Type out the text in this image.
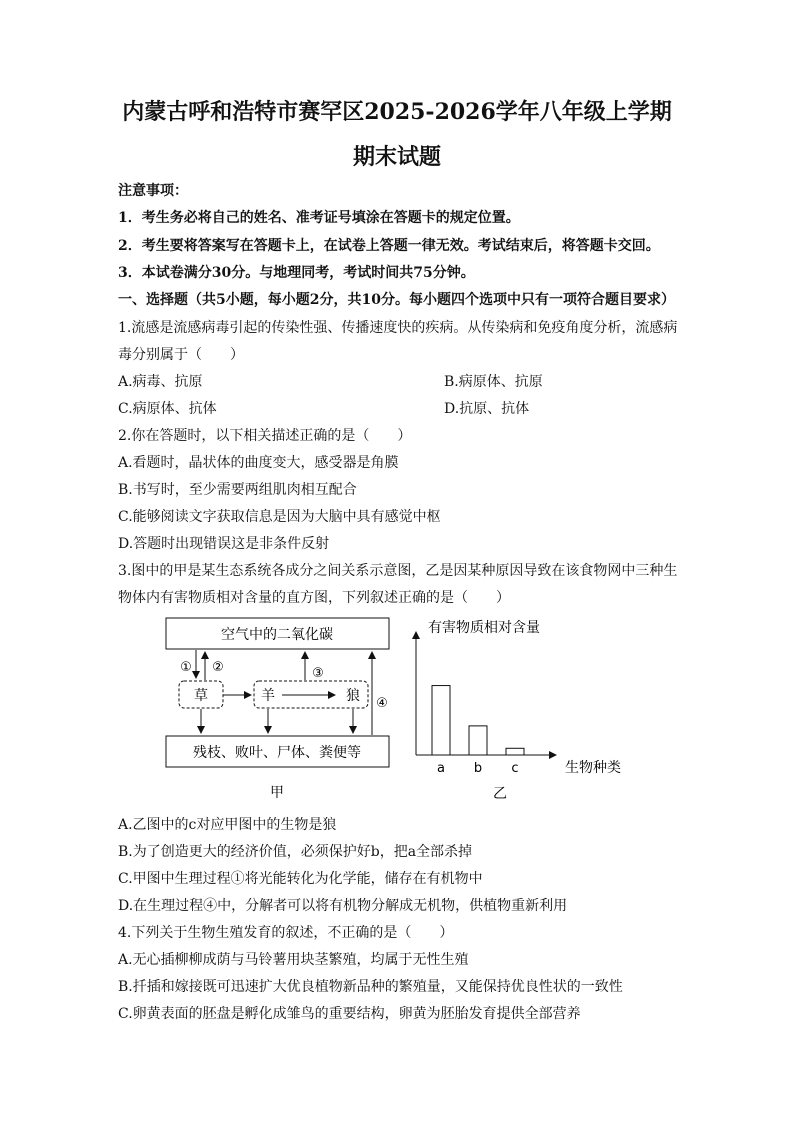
内蒙古呼和浩特市赛罕区2025-2026学年八年级上学期
期末试题
注意事项：
1．考生务必将自己的姓名、准考证号填涂在答题卡的规定位置。
2．考生要将答案写在答题卡上，在试卷上答题一律无效。考试结束后，将答题卡交回。
3．本试卷满分30分。与地理同考，考试时间共75分钟。
一、选择题（共5小题，每小题2分，共10分。每小题四个选项中只有一项符合题目要求）
1.流感是流感病毒引起的传染性强、传播速度快的疾病。从传染病和免疫角度分析，流感病
毒分别属于（　　）
A.病毒、抗原	B.病原体、抗原
C.病原体、抗体	D.抗原、抗体
2.你在答题时，以下相关描述正确的是（　　）
A.看题时，晶状体的曲度变大，感受器是角膜
B.书写时，至少需要两组肌肉相互配合
C.能够阅读文字获取信息是因为大脑中具有感觉中枢
D.答题时出现错误这是非条件反射
3.图中的甲是某生态系统各成分之间关系示意图，乙是因某种原因导致在该食物网中三种生
物体内有害物质相对含量的直方图，下列叙述正确的是（　　）
空气中的二氧化碳
草	羊	狼
残枝、败叶、尸体、粪便等
① ②	③
④
甲
有害物质相对含量
生物种类
a b c
乙
A.乙图中的c对应甲图中的生物是狼
B.为了创造更大的经济价值，必须保护好b，把a全部杀掉
C.甲图中生理过程①将光能转化为化学能，储存在有机物中
D.在生理过程④中，分解者可以将有机物分解成无机物，供植物重新利用
4.下列关于生物生殖发育的叙述，不正确的是（　　）
A.无心插柳柳成荫与马铃薯用块茎繁殖，均属于无性生殖
B.扦插和嫁接既可迅速扩大优良植物新品种的繁殖量，又能保持优良性状的一致性
C.卵黄表面的胚盘是孵化成雏鸟的重要结构，卵黄为胚胎发育提供全部营养
